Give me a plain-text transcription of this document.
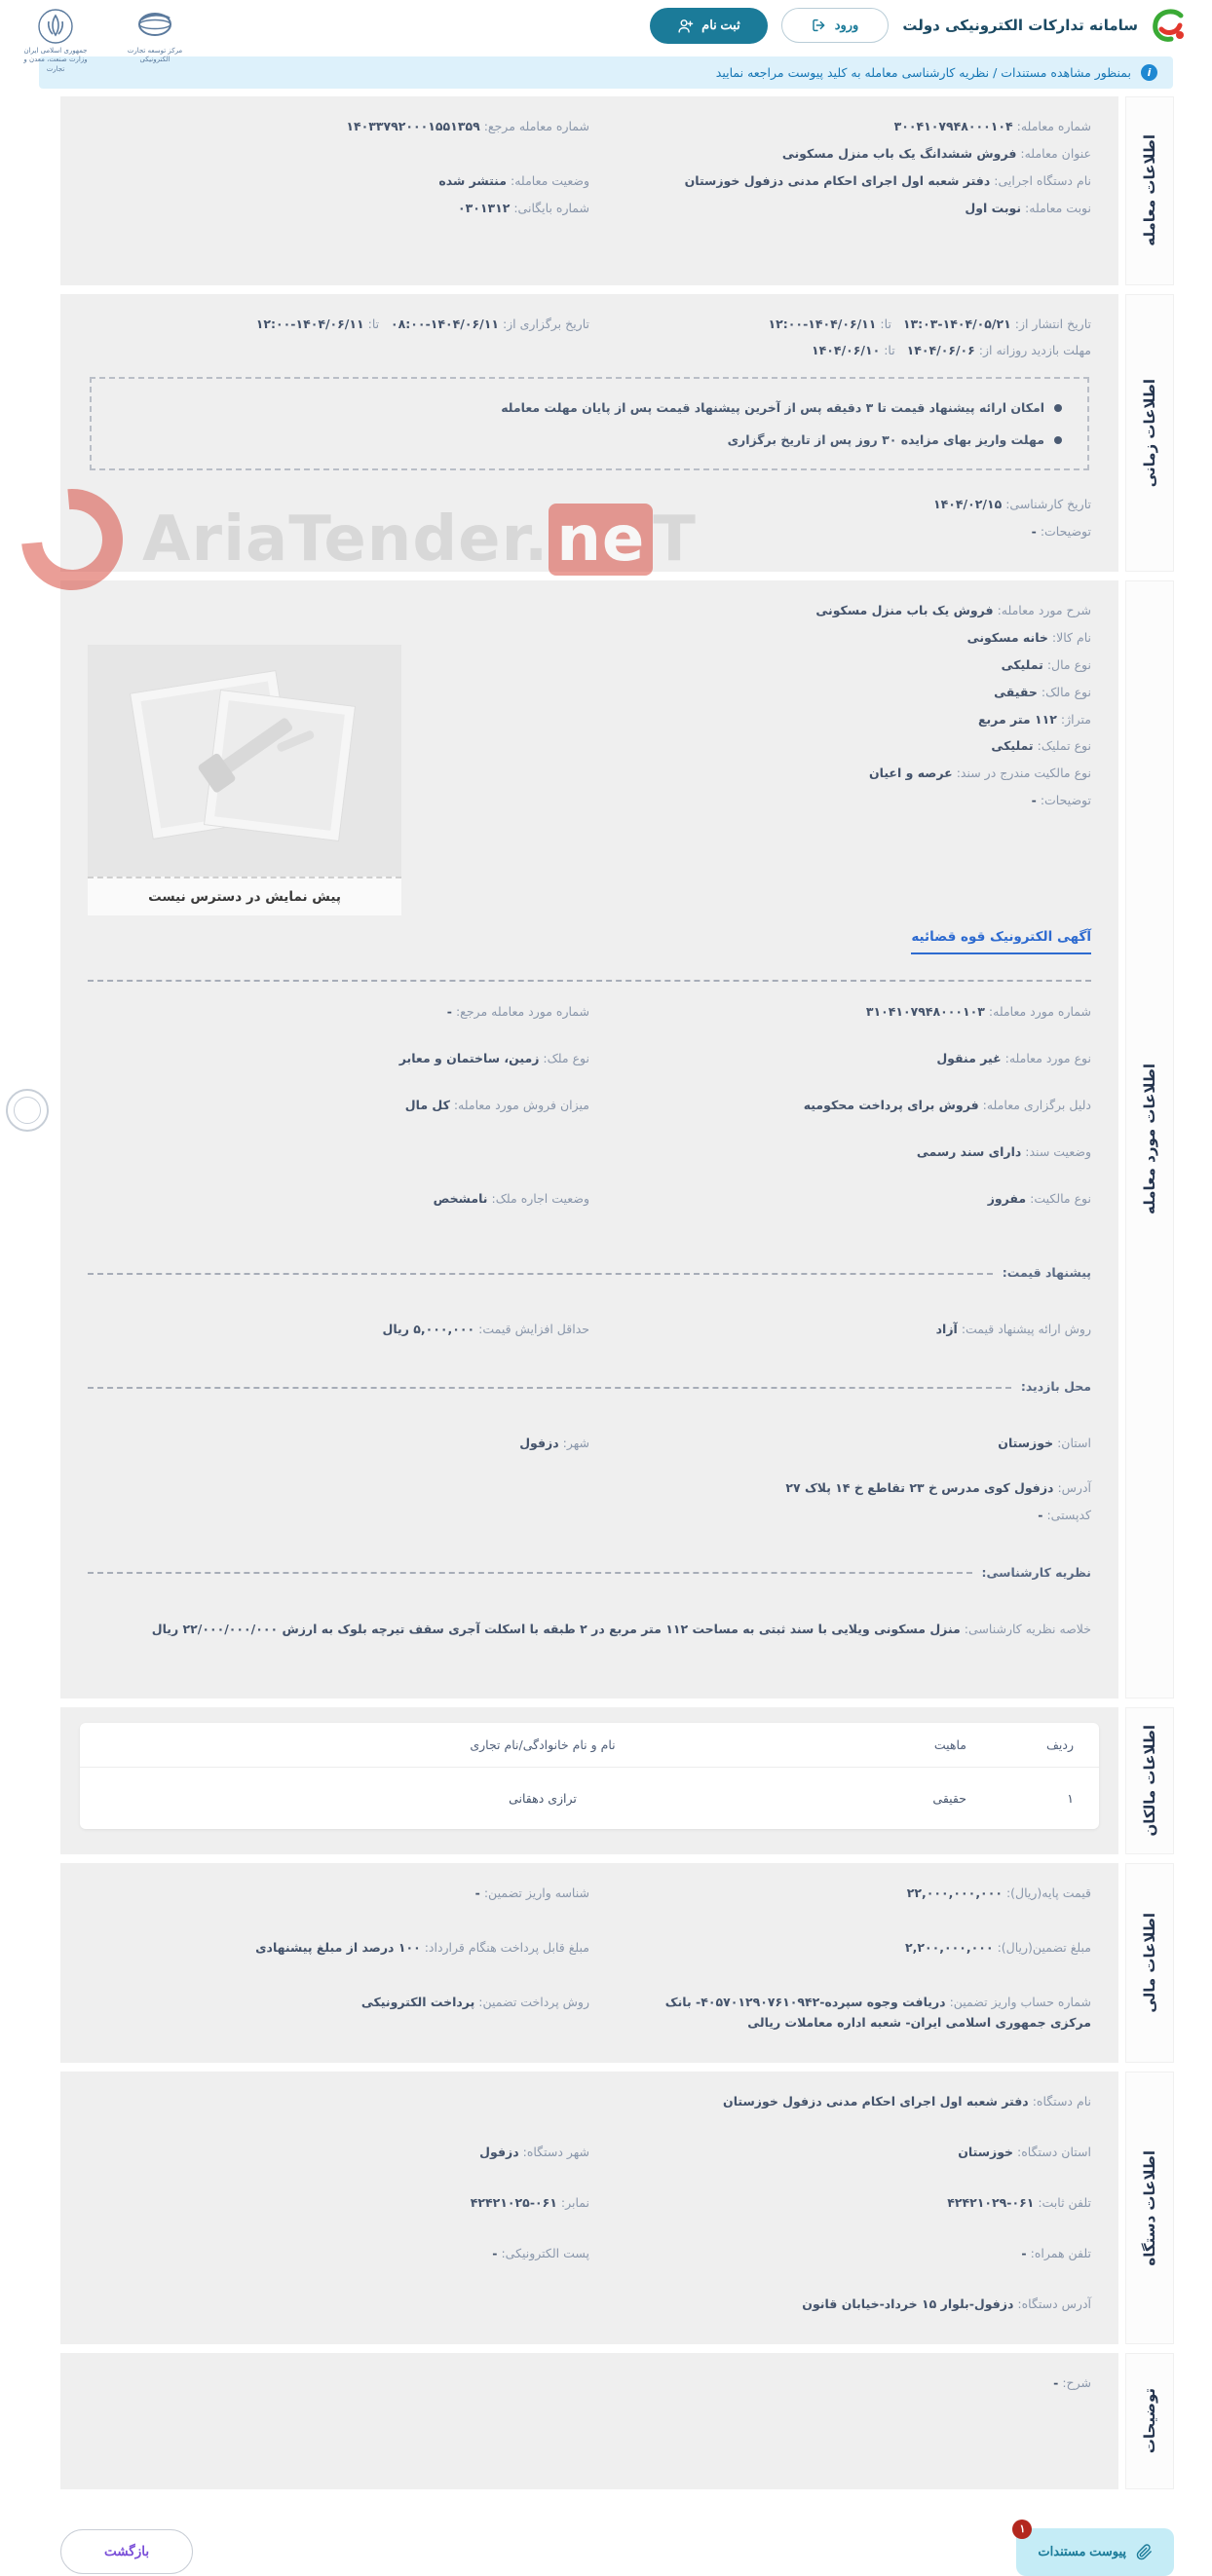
جمهوری اسلامی ایران
وزارت صنعت، معدن و تجارت
مرکز توسعه تجارت الکترونیکی
سامانه تدارکات الکترونیکی دولت
ورود
ثبت نام
i
بمنظور مشاهده مستندات / نظریه کارشناسی معامله به کلید پیوست مراجعه نمایید
AriaTender. ne T
اطلاعات معامله
شماره معامله: ۳۰۰۴۱۰۷۹۴۸۰۰۰۱۰۴
شماره معامله مرجع: ۱۴۰۳۳۷۹۲۰۰۰۱۵۵۱۳۵۹
عنوان معامله: فروش ششدانگ یک باب منزل مسکونی
نام دستگاه اجرایی: دفتر شعبه اول اجرای احکام مدنی دزفول خوزستان
وضعیت معامله: منتشر شده
نوبت معامله: نوبت اول
شماره بایگانی: ۰۳۰۱۳۱۲
اطلاعات زمانی
تاریخ انتشار از: ۱۴۰۴/۰۵/۲۱-۱۳:۰۳   تا: ۱۴۰۴/۰۶/۱۱-۱۲:۰۰
تاریخ برگزاری از: ۱۴۰۴/۰۶/۱۱-۰۸:۰۰   تا: ۱۴۰۴/۰۶/۱۱-۱۲:۰۰
مهلت بازدید روزانه از: ۱۴۰۴/۰۶/۰۶   تا: ۱۴۰۴/۰۶/۱۰
امکان ارائه پیشنهاد قیمت تا ۳ دقیقه پس از آخرین پیشنهاد قیمت پس از پایان مهلت معامله
مهلت واریز بهای مزایده ۳۰ روز پس از تاریخ برگزاری
تاریخ کارشناسی: ۱۴۰۴/۰۲/۱۵
توضیحات: -
اطلاعات مورد معامله
شرح مورد معامله: فروش یک باب منزل مسکونی
نام کالا: خانه مسکونی
نوع مال: تملیکی
نوع مالک: حقیقی
متراژ: ۱۱۲ متر مربع
نوع تملیک: تملیکی
نوع مالکیت مندرج در سند: عرصه و اعیان
توضیحات: -
پیش نمایش در دسترس نیست
آگهی الکترونیک قوه قضائیه
شماره مورد معامله: ۳۱۰۴۱۰۷۹۴۸۰۰۰۱۰۳
شماره مورد معامله مرجع: -
نوع مورد معامله: غیر منقول
نوع ملک: زمین، ساختمان و معابر
دلیل برگزاری معامله: فروش برای پرداخت محکومیه
میزان فروش مورد معامله: کل مال
وضعیت سند: دارای سند رسمی
نوع مالکیت: مفروز
وضعیت اجاره ملک: نامشخص
پیشنهاد قیمت:
روش ارائه پیشنهاد قیمت: آزاد
حداقل افزایش قیمت: ۵,۰۰۰,۰۰۰ ریال
محل بازدید:
استان: خوزستان
شهر: دزفول
آدرس: دزفول کوی مدرس خ ۲۳ تقاطع خ ۱۴ پلاک ۲۷
کدپستی: -
نظریه کارشناسی:
خلاصه نظریه کارشناسی: منزل مسکونی ویلایی با سند ثبتی به مساحت ۱۱۲ متر مربع در ۲ طبقه با اسکلت آجری سقف تیرچه بلوک به ارزش ۲۲/۰۰۰/۰۰۰/۰۰۰ ریال
اطلاعات مالکان
ردیف
ماهیت
نام و نام خانوادگی/نام تجاری
۱
حقیقی
ترازی دهقانی
اطلاعات مالی
قیمت پایه(ریال): ۲۲,۰۰۰,۰۰۰,۰۰۰
شناسه واریز تضمین: -
مبلغ تضمین(ریال): ۲,۲۰۰,۰۰۰,۰۰۰
مبلغ قابل پرداخت هنگام قرارداد: ۱۰۰ درصد از مبلغ پیشنهادی
شماره حساب واریز تضمین: دریافت وجوه سپرده-۴۰۵۷۰۱۲۹۰۷۶۱۰۹۴۲- بانک مرکزی جمهوری اسلامی ایران- شعبه اداره معاملات ریالی
روش پرداخت تضمین: پرداخت الکترونیکی
اطلاعات دستگاه
نام دستگاه: دفتر شعبه اول اجرای احکام مدنی دزفول خوزستان
استان دستگاه: خوزستان
شهر دستگاه: دزفول
تلفن ثابت: ۰۶۱-۴۲۴۲۱۰۲۹
نمابر: ۰۶۱-۴۲۴۲۱۰۲۵
تلفن همراه: -
پست الکترونیکی: -
آدرس دستگاه: دزفول-بلوار ۱۵ خرداد-خیابان قانون
توضیحات
شرح: -
۱
پیوست مستندات
بازگشت
